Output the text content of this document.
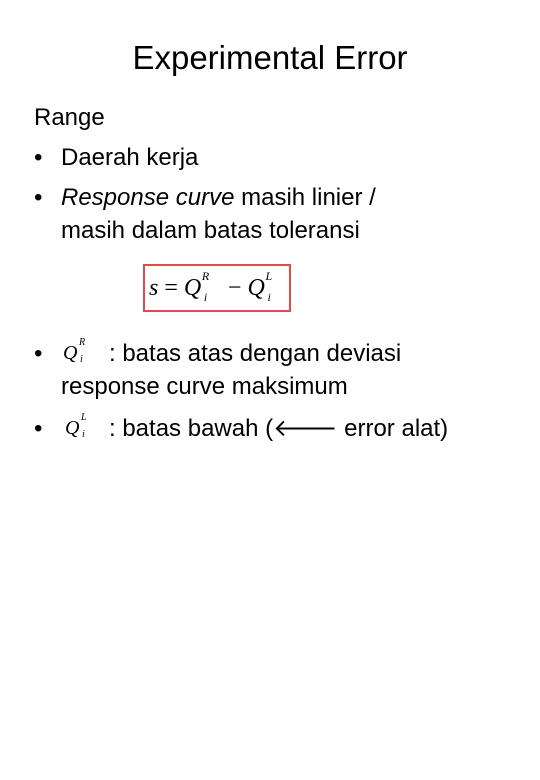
Experimental Error
Range
• Daerah kerja
• Response curve masih linier /
masih dalam batas toleransi
s = Q R
i − Q L
i
• Q R
i : batas atas dengan deviasi
response curve maksimum
• Q L
i : batas bawah (🡐 error alat)
